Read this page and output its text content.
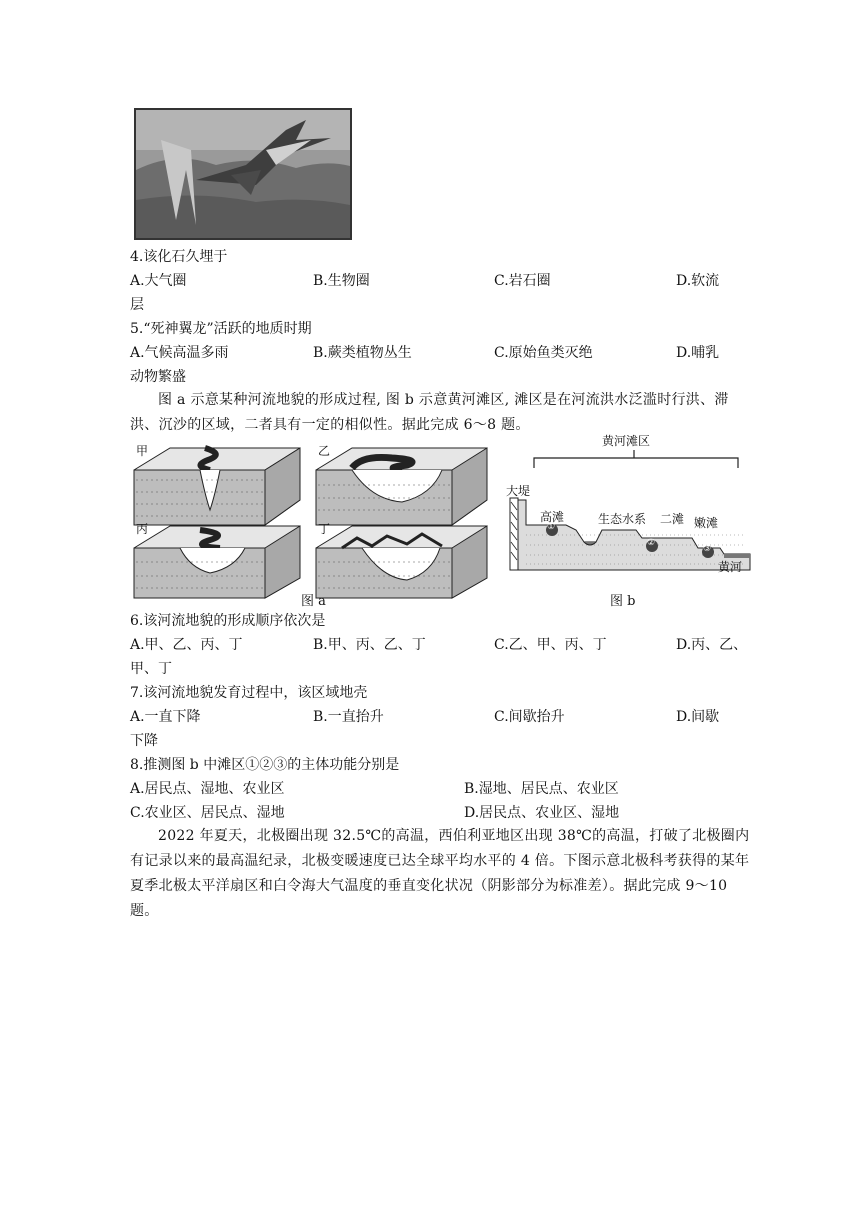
4.该化石久埋于
A.大气圈	B.生物圈	C.岩石圈	D.软流
层
5.“死神翼龙”活跃的地质时期
A.气候高温多雨	B.蕨类植物丛生	C.原始鱼类灭绝	D.哺乳
动物繁盛
图 a 示意某种河流地貌的形成过程, 图 b 示意黄河滩区, 滩区是在河流洪水泛滥时行洪、滞洪、沉沙的区域，二者具有一定的相似性。据此完成 6～8 题。
甲	乙
丙	丁
图 a
黄河滩区
大堤
高滩	生态水系 二滩 嫩滩
黄河
①
②
③
图 b
6.该河流地貌的形成顺序依次是
A.甲、乙、丙、丁	B.甲、丙、乙、丁	C.乙、甲、丙、丁	D.丙、乙、
甲、丁
7.该河流地貌发育过程中，该区域地壳
A.一直下降	B.一直抬升	C.间歇抬升	D.间歇
下降
8.推测图 b 中滩区①②③的主体功能分别是
A.居民点、湿地、农业区	B.湿地、居民点、农业区
C.农业区、居民点、湿地	D.居民点、农业区、湿地
2022 年夏天，北极圈出现 32.5℃的高温，西伯利亚地区出现 38℃的高温，打破了北极圈内有记录以来的最高温纪录，北极变暖速度已达全球平均水平的 4 倍。下图示意北极科考获得的某年夏季北极太平洋扇区和白令海大气温度的垂直变化状况（阴影部分为标准差）。据此完成 9～10 题。
